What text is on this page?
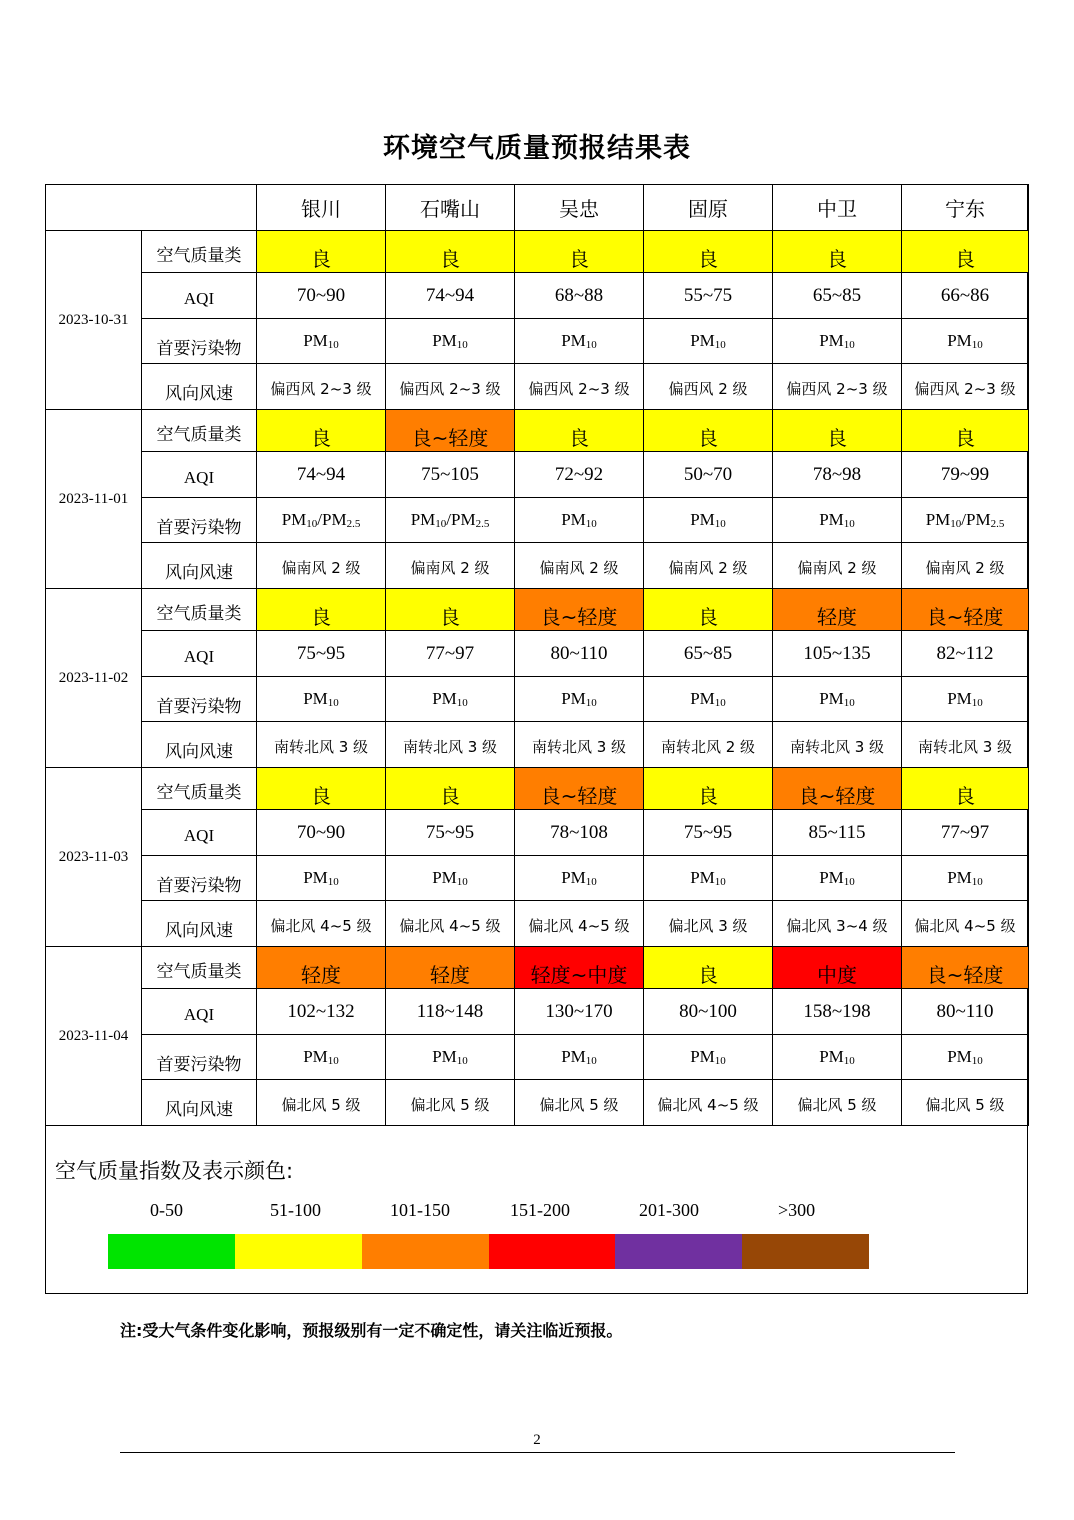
环境空气质量预报结果表
		银川	石嘴山	吴忠	固原	中卫	宁东
2023-10-31	空气质量类	良	良	良	良	良	良
	AQI	70~90	74~94	68~88	55~75	65~85	66~86
	首要污染物	$PM_{10}$	$PM_{10}$	$PM_{10}$	$PM_{10}$	$PM_{10}$	$PM_{10}$
	风向风速	偏西风 2~3 级	偏西风 2~3 级	偏西风 2~3 级	偏西风 2 级	偏西风 2~3 级	偏西风 2~3 级
2023-11-01	空气质量类	良	良~轻度	良	良	良	良
	AQI	74~94	75~105	72~92	50~70	78~98	79~99
	首要污染物	$PM_{10}/PM_{2.5}$	$PM_{10}/PM_{2.5}$	$PM_{10}$	$PM_{10}$	$PM_{10}$	$PM_{10}/PM_{2.5}$
	风向风速	偏南风 2 级	偏南风 2 级	偏南风 2 级	偏南风 2 级	偏南风 2 级	偏南风 2 级
2023-11-02	空气质量类	良	良	良~轻度	良	轻度	良~轻度
	AQI	75~95	77~97	80~110	65~85	105~135	82~112
	首要污染物	$PM_{10}$	$PM_{10}$	$PM_{10}$	$PM_{10}$	$PM_{10}$	$PM_{10}$
	风向风速	南转北风 3 级	南转北风 3 级	南转北风 3 级	南转北风 2 级	南转北风 3 级	南转北风 3 级
2023-11-03	空气质量类	良	良	良~轻度	良	良~轻度	良
	AQI	70~90	75~95	78~108	75~95	85~115	77~97
	首要污染物	$PM_{10}$	$PM_{10}$	$PM_{10}$	$PM_{10}$	$PM_{10}$	$PM_{10}$
	风向风速	偏北风 4~5 级	偏北风 4~5 级	偏北风 4~5 级	偏北风 3 级	偏北风 3~4 级	偏北风 4~5 级
2023-11-04	空气质量类	轻度	轻度	轻度~中度	良	中度	良~轻度
	AQI	102~132	118~148	130~170	80~100	158~198	80~110
	首要污染物	$PM_{10}$	$PM_{10}$	$PM_{10}$	$PM_{10}$	$PM_{10}$	$PM_{10}$
	风向风速	偏北风 5 级	偏北风 5 级	偏北风 5 级	偏北风 4~5 级	偏北风 5 级	偏北风 5 级
空气质量指数及表示颜色:
0-50	51-100	101-150	151-200	201-300	>300
注:受大气条件变化影响，预报级别有一定不确定性，请关注临近预报。
2
